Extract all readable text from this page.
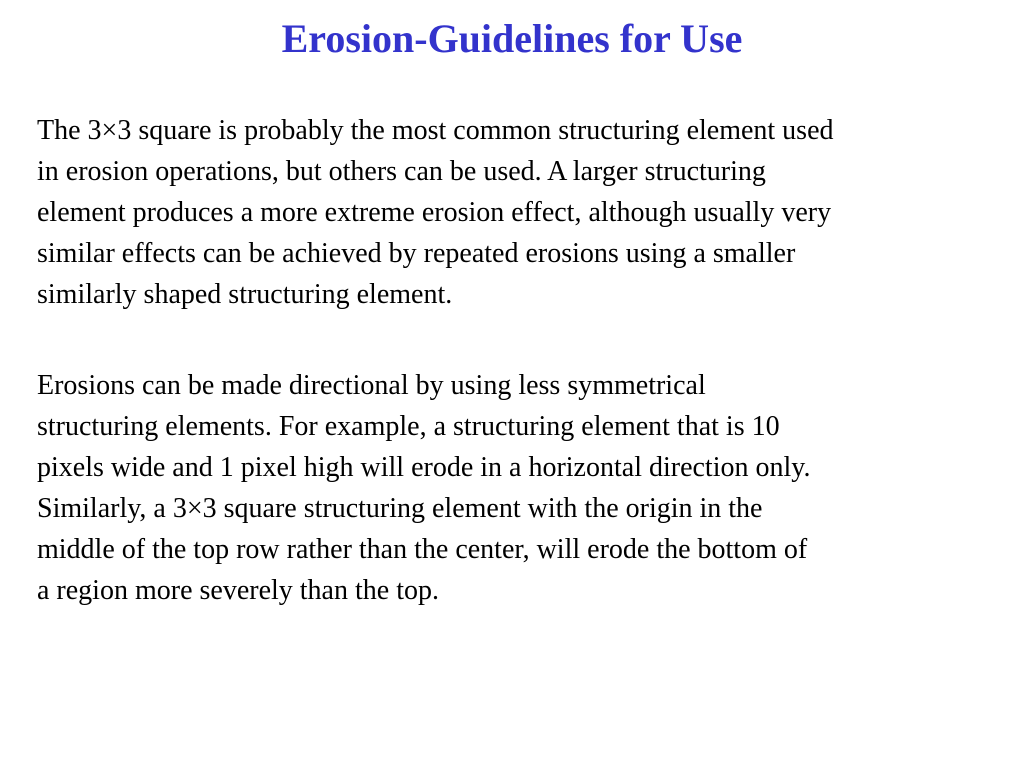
Erosion-Guidelines for Use

The 3×3 square is probably the most common structuring element used
in erosion operations, but others can be used. A larger structuring
element produces a more extreme erosion effect, although usually very
similar effects can be achieved by repeated erosions using a smaller
similarly shaped structuring element.

Erosions can be made directional by using less symmetrical
structuring elements. For example, a structuring element that is 10
pixels wide and 1 pixel high will erode in a horizontal direction only.
Similarly, a 3×3 square structuring element with the origin in the
middle of the top row rather than the center, will erode the bottom of
a region more severely than the top.
